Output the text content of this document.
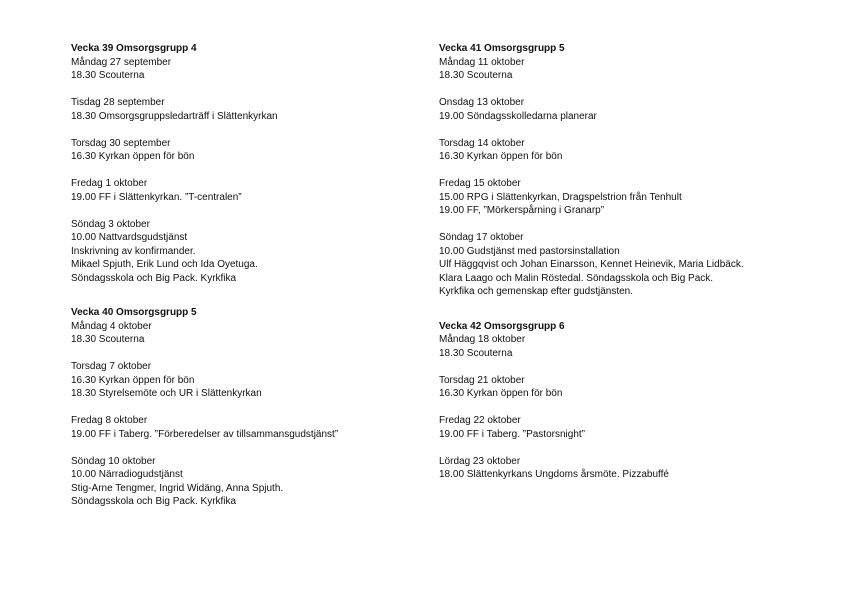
Vecka 39 Omsorgsgrupp 4

Måndag 27 september
18.30 Scouterna
Tisdag 28 september
18.30 Omsorgsgruppsledarträff i Slättenkyrkan
Torsdag 30 september
16.30 Kyrkan öppen för bön
Fredag 1 oktober
19.00 FF i Slättenkyrkan. ”T-centralen”
Söndag 3 oktober
10.00 Nattvardsgudstjänst
Inskrivning av konfirmander.
Mikael Spjuth, Erik Lund och Ida Oyetuga.
Söndagsskola och Big Pack. Kyrkfika

Vecka 40 Omsorgsgrupp 5

Måndag 4 oktober
18.30 Scouterna
Torsdag 7 oktober
16.30 Kyrkan öppen för bön
18.30 Styrelsemöte och UR i Slättenkyrkan
Fredag 8 oktober
19.00 FF i Taberg. ”Förberedelser av tillsammansgudstjänst”
Söndag 10 oktober
10.00 Närradiogudstjänst
Stig-Arne Tengmer, Ingrid Widäng, Anna Spjuth.
Söndagsskola och Big Pack. Kyrkfika

Vecka 41 Omsorgsgrupp 5

Måndag 11 oktober
18.30 Scouterna
Onsdag 13 oktober
19.00 Söndagsskolledarna planerar
Torsdag 14 oktober
16.30 Kyrkan öppen för bön
Fredag 15 oktober
15.00 RPG i Slättenkyrkan, Dragspelstrion från Tenhult
19.00 FF, ”Mörkerspårning i Granarp”
Söndag 17 oktober
10.00 Gudstjänst med pastorsinstallation
Ulf Häggqvist och Johan Einarsson, Kennet Heinevik, Maria Lidbäck.
Klara Laago och Malin Röstedal. Söndagsskola och Big Pack.
Kyrkfika och gemenskap efter gudstjänsten.

Vecka 42 Omsorgsgrupp 6

Måndag 18 oktober
18.30 Scouterna
Torsdag 21 oktober
16.30 Kyrkan öppen för bön
Fredag 22 oktober
19.00 FF i Taberg. ”Pastorsnight”
Lördag 23 oktober
18.00 Slättenkyrkans Ungdoms årsmöte. Pizzabuffé
